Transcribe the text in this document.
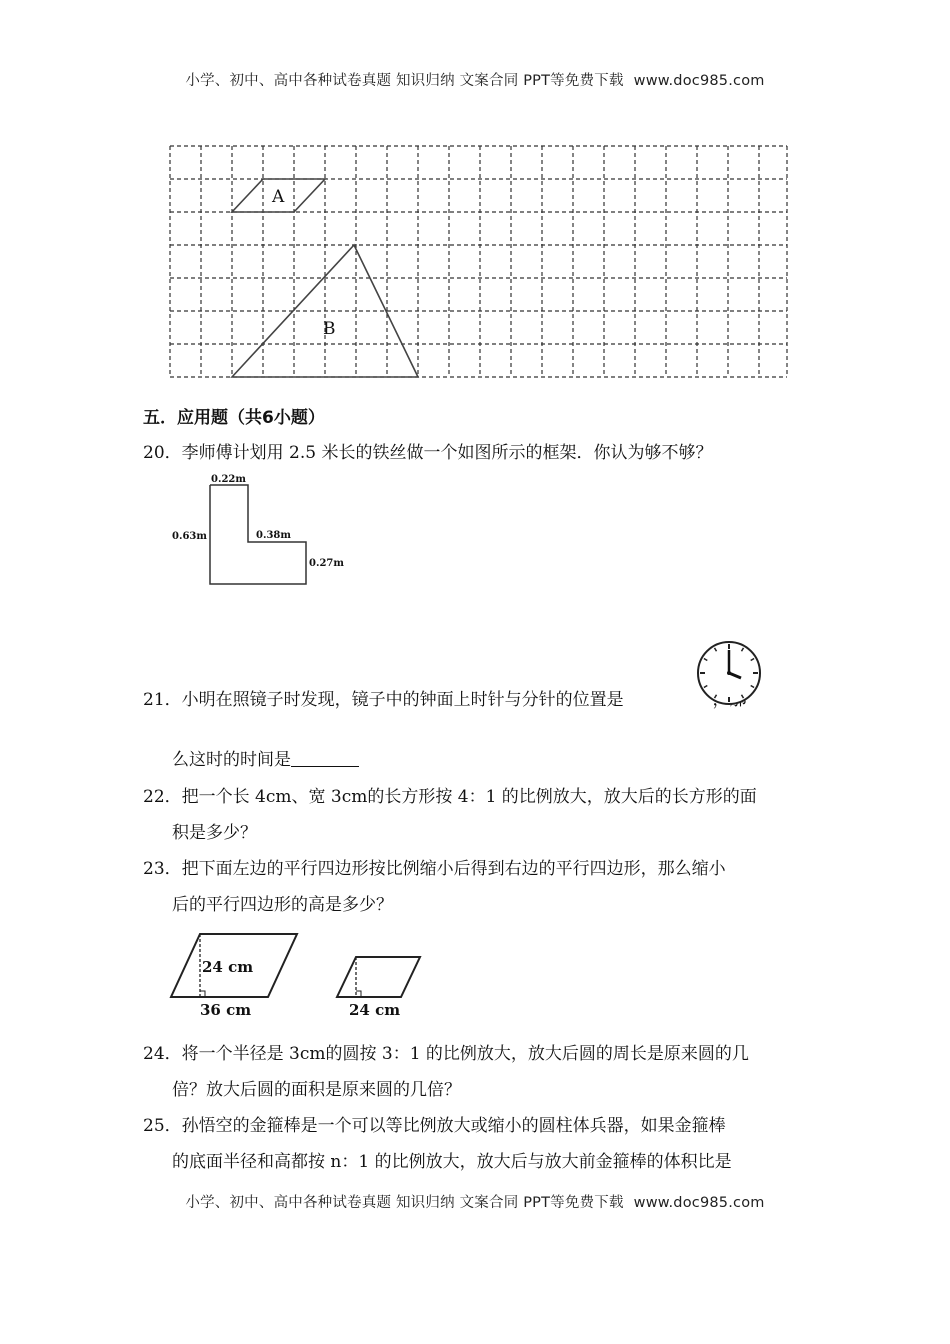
小学、初中、高中各种试卷真题 知识归纳 文案合同 PPT等免费下载 www.doc985.com
A
B
五．应用题（共6小题）
20．李师傅计划用 2.5 米长的铁丝做一个如图所示的框架．你认为够不够？
0.22m
0.63m	0.38m
0.27m
21．小明在照镜子时发现，镜子中的钟面上时针与分针的位置是
么这时的时间是
22．把一个长 4cm、宽 3cm的长方形按 4：1 的比例放大，放大后的长方形的面
积是多少？
23．把下面左边的平行四边形按比例缩小后得到右边的平行四边形，那么缩小
后的平行四边形的高是多少？
24 cm
36 cm	24 cm
24．将一个半径是 3cm的圆按 3：1 的比例放大，放大后圆的周长是原来圆的几
倍？放大后圆的面积是原来圆的几倍？
25．孙悟空的金箍棒是一个可以等比例放大或缩小的圆柱体兵器，如果金箍棒
的底面半径和高都按 n：1 的比例放大，放大后与放大前金箍棒的体积比是
小学、初中、高中各种试卷真题 知识归纳 文案合同 PPT等免费下载 www.doc985.com
